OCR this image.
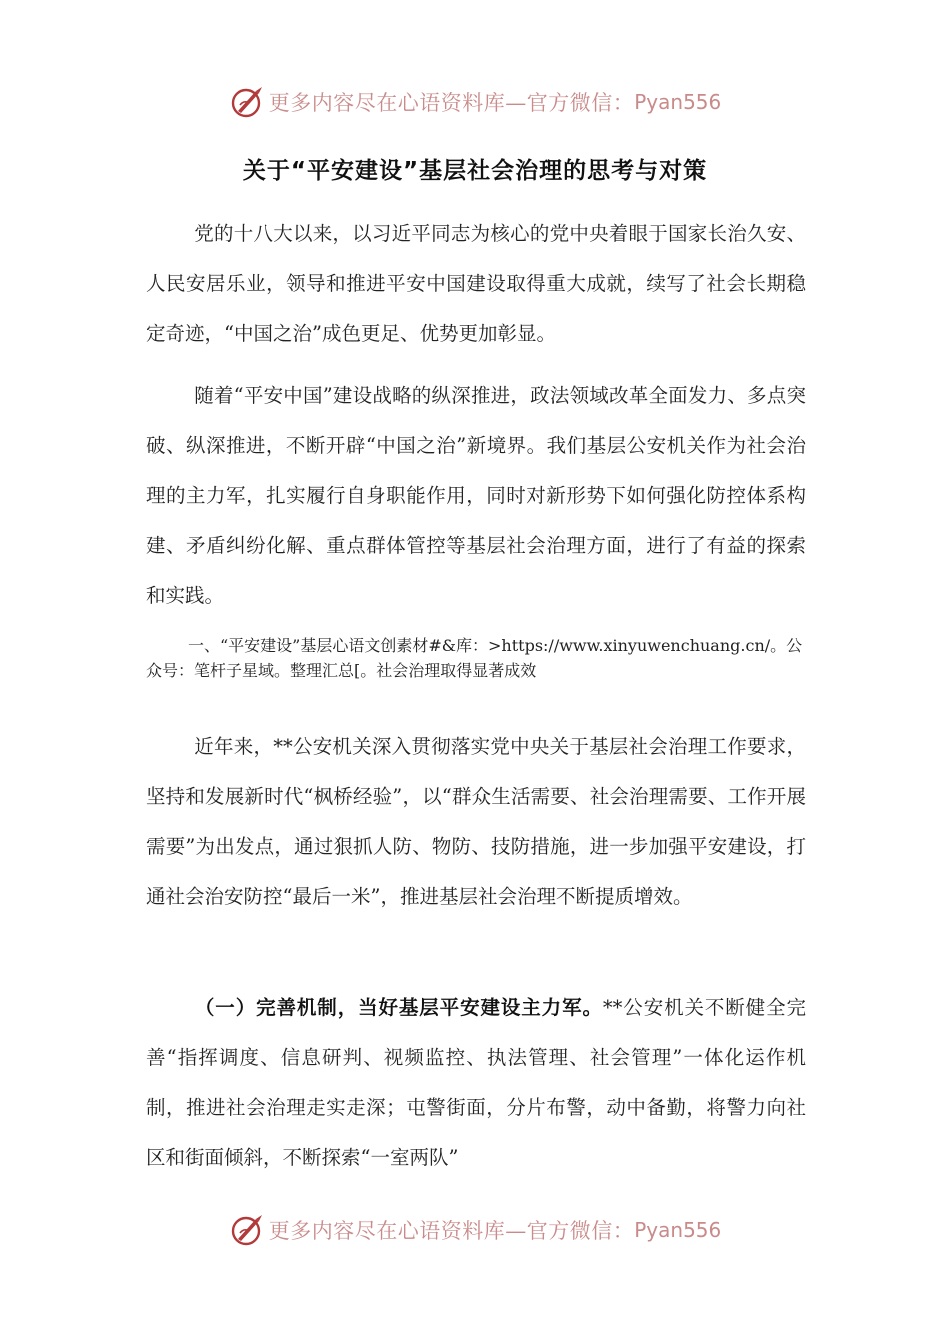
更多内容尽在心语资料库—官方微信： Pyan556
关于“平安建设”基层社会治理的思考与对策

党的十八大以来，以习近平同志为核心的党中央着眼于国家长治久安、人民安居乐业，领导和推进平安中国建设取得重大成就，续写了社会长期稳定奇迹，“中国之治”成色更足、优势更加彰显。

随着“平安中国”建设战略的纵深推进，政法领域改革全面发力、多点突破、纵深推进，不断开辟“中国之治”新境界。我们基层公安机关作为社会治理的主力军，扎实履行自身职能作用，同时对新形势下如何强化防控体系构建、矛盾纠纷化解、重点群体管控等基层社会治理方面，进行了有益的探索和实践。

一、“平安建设”基层心语文创素材#&库：>https://www.xinyuwenchuang.cn/。公众号：笔杆子星域。整理汇总[。社会治理取得显著成效

近年来，**公安机关深入贯彻落实党中央关于基层社会治理工作要求，坚持和发展新时代“枫桥经验”，以“群众生活需要、社会治理需要、工作开展需要”为出发点，通过狠抓人防、物防、技防措施，进一步加强平安建设，打通社会治安防控“最后一米”，推进基层社会治理不断提质增效。

（一）完善机制，当好基层平安建设主力军。**公安机关不断健全完善“指挥调度、信息研判、视频监控、执法管理、社会管理”一体化运作机制，推进社会治理走实走深；屯警街面，分片布警，动中备勤，将警力向社区和街面倾斜，不断探索“一室两队”

更多内容尽在心语资料库—官方微信： Pyan556
